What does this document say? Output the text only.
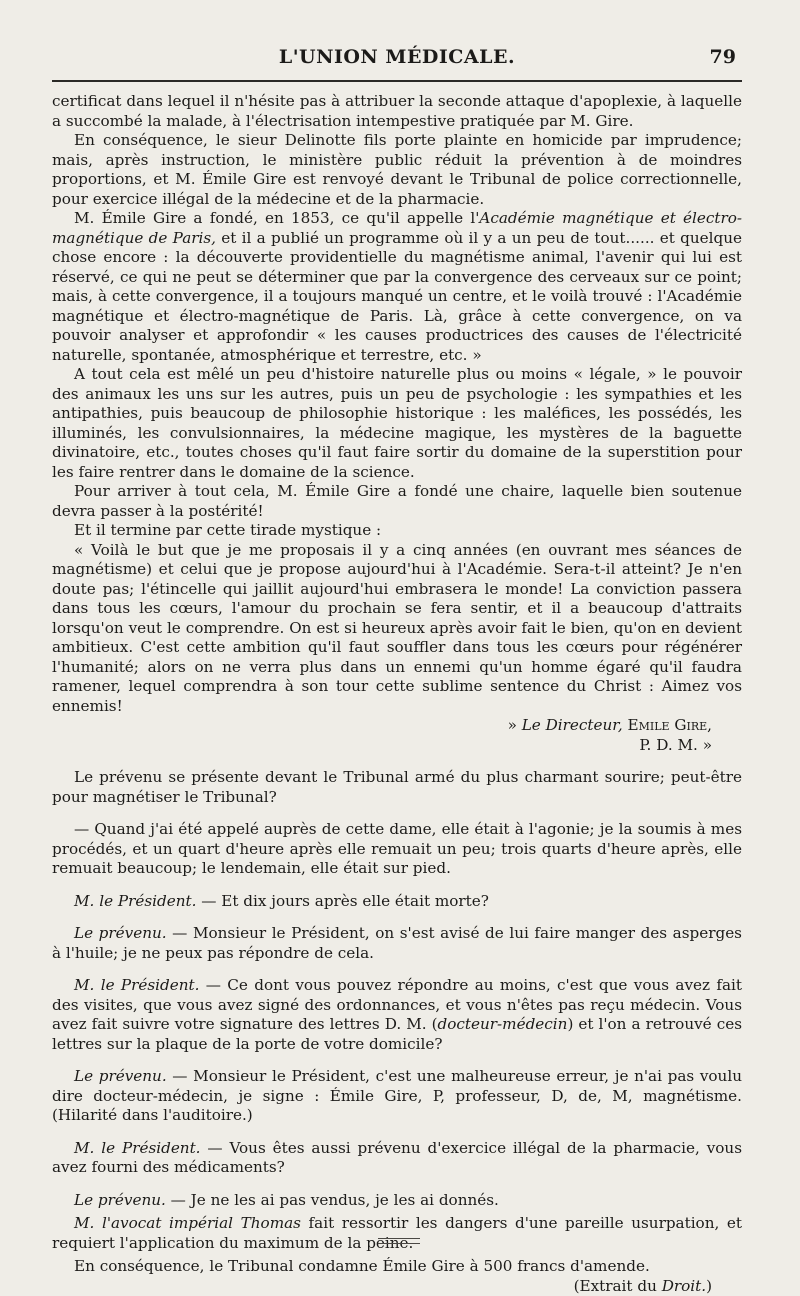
L'UNION MÉDICALE.	79

certificat dans lequel il n'hésite pas à attribuer la seconde attaque d'apoplexie, à laquelle a succombé la malade, à l'électrisation intempestive pratiquée par M. Gire.

En conséquence, le sieur Delinotte fils porte plainte en homicide par imprudence; mais, après instruction, le ministère public réduit la prévention à de moindres proportions, et M. Émile Gire est renvoyé devant le Tribunal de police correctionnelle, pour exercice illégal de la médecine et de la pharmacie.

M. Émile Gire a fondé, en 1853, ce qu'il appelle l'Académie magnétique et électro-magnétique de Paris, et il a publié un programme où il y a un peu de tout...... et quelque chose encore : la découverte providentielle du magnétisme animal, l'avenir qui lui est réservé, ce qui ne peut se déterminer que par la convergence des cerveaux sur ce point; mais, à cette convergence, il a toujours manqué un centre, et le voilà trouvé : l'Académie magnétique et électro-magnétique de Paris. Là, grâce à cette convergence, on va pouvoir analyser et approfondir « les causes productrices des causes de l'électricité naturelle, spontanée, atmosphérique et terrestre, etc. »

A tout cela est mêlé un peu d'histoire naturelle plus ou moins « légale, » le pouvoir des animaux les uns sur les autres, puis un peu de psychologie : les sympathies et les antipathies, puis beaucoup de philosophie historique : les maléfices, les possédés, les illuminés, les convulsionnaires, la médecine magique, les mystères de la baguette divinatoire, etc., toutes choses qu'il faut faire sortir du domaine de la superstition pour les faire rentrer dans le domaine de la science.

Pour arriver à tout cela, M. Émile Gire a fondé une chaire, laquelle bien soutenue devra passer à la postérité!

Et il termine par cette tirade mystique :

« Voilà le but que je me proposais il y a cinq années (en ouvrant mes séances de magnétisme) et celui que je propose aujourd'hui à l'Académie. Sera-t-il atteint? Je n'en doute pas; l'étincelle qui jaillit aujourd'hui embrasera le monde! La conviction passera dans tous les cœurs, l'amour du prochain se fera sentir, et il a beaucoup d'attraits lorsqu'on veut le comprendre. On est si heureux après avoir fait le bien, qu'on en devient ambitieux. C'est cette ambition qu'il faut souffler dans tous les cœurs pour régénérer l'humanité; alors on ne verra plus dans un ennemi qu'un homme égaré qu'il faudra ramener, lequel comprendra à son tour cette sublime sentence du Christ : Aimez vos ennemis!

» Le Directeur, Emile Gire,

P. D. M. »

Le prévenu se présente devant le Tribunal armé du plus charmant sourire; peut-être pour magnétiser le Tribunal?

— Quand j'ai été appelé auprès de cette dame, elle était à l'agonie; je la soumis à mes procédés, et un quart d'heure après elle remuait un peu; trois quarts d'heure après, elle remuait beaucoup; le lendemain, elle était sur pied.

M. le Président. — Et dix jours après elle était morte?

Le prévenu. — Monsieur le Président, on s'est avisé de lui faire manger des asperges à l'huile; je ne peux pas répondre de cela.

M. le Président. — Ce dont vous pouvez répondre au moins, c'est que vous avez fait des visites, que vous avez signé des ordonnances, et vous n'êtes pas reçu médecin. Vous avez fait suivre votre signature des lettres D. M. (docteur-médecin) et l'on a retrouvé ces lettres sur la plaque de la porte de votre domicile?

Le prévenu. — Monsieur le Président, c'est une malheureuse erreur, je n'ai pas voulu dire docteur-médecin, je signe : Émile Gire, P, professeur, D, de, M, magnétisme. (Hilarité dans l'auditoire.)

M. le Président. — Vous êtes aussi prévenu d'exercice illégal de la pharmacie, vous avez fourni des médicaments?

Le prévenu. — Je ne les ai pas vendus, je les ai donnés.

M. l'avocat impérial Thomas fait ressortir les dangers d'une pareille usurpation, et requiert l'application du maximum de la peine.

En conséquence, le Tribunal condamne Émile Gire à 500 francs d'amende.

(Extrait du Droit.)
